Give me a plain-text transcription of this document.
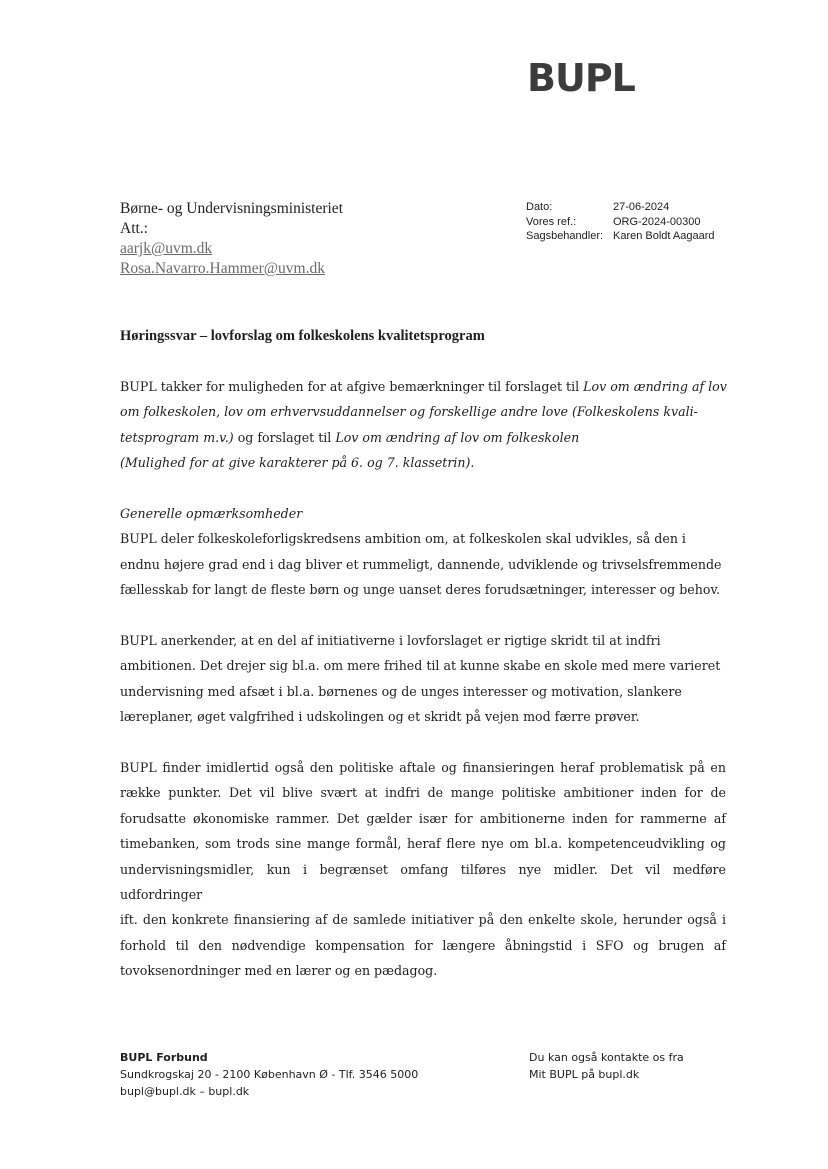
BUPL
Børne- og Undervisningsministeriet
Att.:
aarjk@uvm.dk
Rosa.Navarro.Hammer@uvm.dk
Dato:	27-06-2024
Vores ref.:	ORG-2024-00300
Sagsbehandler: Karen Boldt Aagaard
Høringssvar – lovforslag om folkeskolens kvalitetsprogram
BUPL takker for muligheden for at afgive bemærkninger til forslaget til Lov om ændring af lov
om folkeskolen, lov om erhvervsuddannelser og forskellige andre love (Folkeskolens kvali-
tetsprogram m.v.) og forslaget til Lov om ændring af lov om folkeskolen
(Mulighed for at give karakterer på 6. og 7. klassetrin).
Generelle opmærksomheder
BUPL deler folkeskoleforligskredsens ambition om, at folkeskolen skal udvikles, så den i
endnu højere grad end i dag bliver et rummeligt, dannende, udviklende og trivselsfremmende
fællesskab for langt de fleste børn og unge uanset deres forudsætninger, interesser og behov.
BUPL anerkender, at en del af initiativerne i lovforslaget er rigtige skridt til at indfri
ambitionen. Det drejer sig bl.a. om mere frihed til at kunne skabe en skole med mere varieret
undervisning med afsæt i bl.a. børnenes og de unges interesser og motivation, slankere
læreplaner, øget valgfrihed i udskolingen og et skridt på vejen mod færre prøver.
BUPL finder imidlertid også den politiske aftale og finansieringen heraf problematisk på en
række punkter. Det vil blive svært at indfri de mange politiske ambitioner inden for de
forudsatte økonomiske rammer. Det gælder især for ambitionerne inden for rammerne af
timebanken, som trods sine mange formål, heraf flere nye om bl.a. kompetenceudvikling og
undervisningsmidler, kun i begrænset omfang tilføres nye midler. Det vil medføre udfordringer
ift. den konkrete finansiering af de samlede initiativer på den enkelte skole, herunder også i
forhold til den nødvendige kompensation for længere åbningstid i SFO og brugen af
tovoksenordninger med en lærer og en pædagog.
BUPL Forbund
Sundkrogskaj 20 - 2100 København Ø - Tlf. 3546 5000
bupl@bupl.dk – bupl.dk
Du kan også kontakte os fra
Mit BUPL på bupl.dk
